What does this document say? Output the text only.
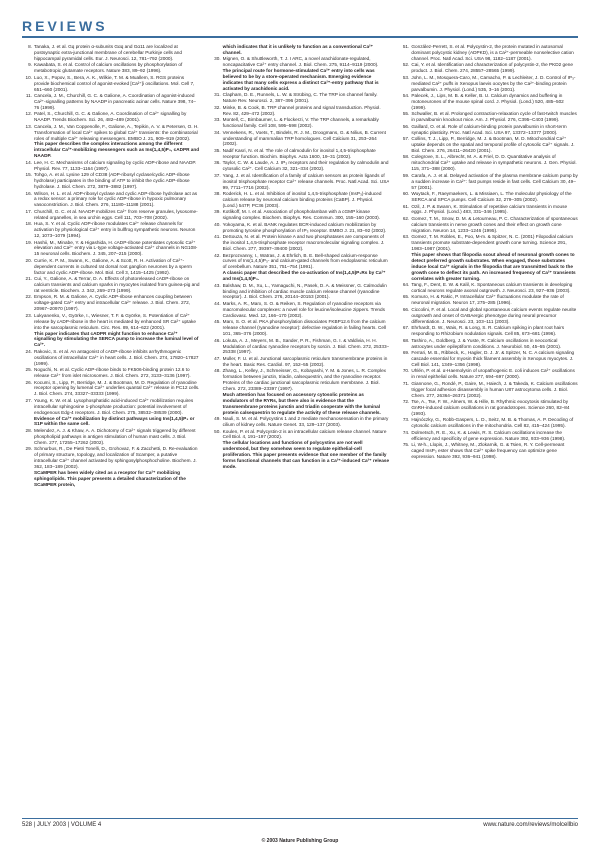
REVIEWS
8. Tanaka, J. et al. Gq protein α-subunits Gαq and Gα11 are localized at postsynaptic extra-junctional membrane of cerebellar Purkinje cells and hippocampal pyramidal cells. Eur. J. Neurosci. 12, 781–792 (2000).
9. Kawabata, S. et al. Control of calcium oscillations by phosphorylation of metabotropic glutamate receptors. Nature 383, 89–92 (1996).
10. Luo, X., Popov, S., Bera, A. K., Wilkie, T. M. & Muallem, S. RGS proteins provide biochemical control of agonist-evoked [Ca²⁺]i oscillations. Mol. Cell 7, 651–660 (2001).
11. Cancela, J. M., Churchill, G. C. & Galione, A. Coordination of agonist-induced Ca²⁺-signalling patterns by NAADP in pancreatic acinar cells. Nature 398, 74–76 (1999).
12. Patel, S., Churchill, G. C. & Galione, A. Coordination of Ca²⁺ signalling by NAADP. Trends Biochem. Sci. 26, 482–489 (2001).
13. Cancela, J. M., Van Coppenolle, F., Galione, A., Tepikin, A. V. & Petersen, O. H. Transformation of local Ca²⁺ spikes to global Ca²⁺ transients: the combinatorial roles of multiple Ca²⁺ releasing messengers. EMBO J. 21, 909–919 (2002).
This paper describes the complex interactions among the different intracellular Ca²⁺-mobilizing messengers such as Ins(1,4,5)P₃, cADPR and NAADP.
14. Lee, H. C. Mechanisms of calcium signaling by cyclic ADP-ribose and NAADP. Physiol. Rev. 77, 1133–1164 (1997).
15. Tohgo, A. et al. Lysine 129 of CD38 (ADP-ribosyl cyclase/cyclic ADP-ribose hydrolase) participates in the binding of ATP to inhibit the cyclic ADP-ribose hydrolase. J. Biol. Chem. 272, 3879–3882 (1997).
16. Wilson, H. L. et al. ADP-ribosyl cyclase and cyclic ADP-ribose hydrolase act as a redox sensor: a primary role for cyclic ADP-ribose in hypoxic pulmonary vasoconstriction. J. Biol. Chem. 276, 11180–11188 (2001).
17. Churchill, G. C. et al. NAADP mobilizes Ca²⁺ from reserve granules, lysosome-related organelles, in sea urchin eggs. Cell 111, 703–708 (2002).
18. Hua, S. Y. et al. Cyclic ADP-ribose modulates Ca²⁺ release channels for activation by physiological Ca²⁺ entry in bullfrog sympathetic neurons. Neuron 12, 1073–1079 (1994).
19. Hashii, M., Minabe, Y. & Higashida, H. cADP-ribose potentiates cytosolic Ca²⁺ elevation and Ca²⁺ entry via L-type voltage-activated Ca²⁺ channels in NG108-15 neuronal cells. Biochem. J. 345, 207–215 (2000).
20. Currie, K. P. M., Swann, K., Galione, A. & Scott, R. H. Activation of Ca²⁺-dependent currents in cultured rat dorsal root ganglion neurones by a sperm factor and cyclic ADP-ribose. Mol. Biol. Cell 3, 1415–1425 (1992).
21. Cui, Y., Galione, A. & Terrar, D. A. Effects of photoreleased cADP-ribose on calcium transients and calcium sparks in myocytes isolated from guinea-pig and rat ventricle. Biochem. J. 342, 269–273 (1999).
22. Empson, R. M. & Galione, A. Cyclic ADP-ribose enhances coupling between voltage-gated Ca²⁺ entry and intracellular Ca²⁺ release. J. Biol. Chem. 272, 20967–20970 (1997).
23. Lukyanenko, V., Györke, I., Wiesner, T. F. & Györke, S. Potentiation of Ca²⁺ release by cADP-ribose in the heart is mediated by enhanced SR Ca²⁺ uptake into the sarcoplasmic reticulum. Circ. Res. 89, 614–622 (2001).
This paper indicates that cADPR might function to enhance Ca²⁺ signalling by stimulating the SERCA pump to increase the luminal level of Ca²⁺.
24. Rakovic, S. et al. An antagonist of cADP-ribose inhibits arrhythmogenic oscillations of intracellular Ca²⁺ in heart cells. J. Biol. Chem. 274, 17820–17827 (1999).
25. Noguchi, N. et al. Cyclic ADP-ribose binds to FK506-binding protein 12.6 to release Ca²⁺ from islet microsomes. J. Biol. Chem. 272, 3133–3136 (1997).
26. Kocumi, S., Lipp, P., Berridge, M. J. & Bootman, M. D. Regulation of ryanodine receptor opening by lumenal Ca²⁺ underlies quantal Ca²⁺ release in PC12 cells. J. Biol. Chem. 274, 33327–33333 (1999).
27. Young, K. W. et al. Lysophosphatidic acid-induced Ca²⁺ mobilization requires intracellular sphingosine 1-phosphate production: potential involvement of endogenous Edg-4 receptors. J. Biol. Chem. 275, 38532–38539 (2000).
Evidence of Ca²⁺ mobilization by distinct pathways using Ins(1,4,5)P₃ or S1P within the same cell.
28. Melendez, A. J. & Khaw, A. A. Dichotomy of Ca²⁺ signals triggered by different phospholipid pathways in antigen stimulation of human mast cells. J. Biol. Chem. 277, 17255–17262 (2002).
29. Schnurbus, R., De Pietri Tonelli, D., Grohovaz, F. & Zacchetti, D. Re-evaluation of primary structure, topology, and localization of Scamper, a putative intracellular Ca²⁺ channel activated by sphingosylphosphocholine. Biochem. J. 362, 183–189 (2002).
SCaMPER has been widely cited as a receptor for Ca²⁺ mobilizing sphingolipids. This paper presents a detailed characterization of the SCaMPER protein,
which indicates that it is unlikely to function as a conventional Ca²⁺ channel.
30. Mignen, O. & Shuttleworth, T. J. I ARC, a novel arachidonate-regulated, noncapacitative Ca²⁺ entry channel. J. Biol. Chem. 275, 9114–9119 (2000).
The principal route for hormone-stimulated Ca²⁺ entry into cells was believed to be by a store-operated mechanism. Emerging evidence indicates that many cells express a distinct Ca²⁺-entry pathway that is activated by arachidonic acid.
31. Clapham, D. E., Runnels, L. W. & Strübing, C. The TRP ion channel family. Nature Rev. Neurosci. 2, 387–396 (2001).
32. Minke, B. & Cook, B. TRP channel proteins and signal transduction. Physiol. Rev. 82, 429–472 (2002).
33. Montell, C., Birnbaumer, L. & Flockerzi, V. The TRP channels, a remarkably functional family. Cell 108, 595–598 (2002).
34. Vennekens, R., Voets, T., Bindels, R. J. M., Droogmans, G. & Nilius, B. Current understanding of mammalian TRP homologues. Cell Calcium 31, 253–264 (2002).
35. Nadif Kasri, N. et al. The role of calmodulin for inositol 1,4,5-trisphosphate receptor function. Biochim. Biophys. Acta 1600, 19–31 (2002).
36. Taylor, C. W. & Laude, A. J. IP₃ receptors and their regulation by calmodulin and cytosolic Ca²⁺. Cell Calcium 32, 321–334 (2002).
37. Yang, J. et al. Identification of a family of calcium sensors as protein ligands of inositol trisphosphate receptor Ca²⁺ release channels. Proc. Natl Acad. Sci. USA 99, 7711–7716 (2002).
38. Roderick, H. L. et al. Inhibition of inositol 1,4,5-trisphosphate (InsP₃)-induced calcium release by neuronal calcium binding proteins (CaBP). J. Physiol. (Lond.) 547P, PC36 (2003).
39. Kotlikoff, M. I. et al. Association of phospholamban with a cGMP kinase signaling complex. Biochem. Biophys. Res. Commun. 300, 155–160 (2003).
40. Yokoyama, K. et al. BANK regulates BCR-induced calcium mobilization by promoting tyrosine phosphorylation of IP₃ receptor. EMBO J. 21, 83–92 (2002).
41. DeSouza, N. et al. Protein kinase A and two phosphatases are components of the inositol 1,4,5-trisphosphate receptor macromolecular signaling complex. J. Biol. Chem. 277, 39397–39400 (2002).
42. Bezprozvanny, I., Watras, J. & Ehrlich, B. E. Bell-shaped calcium-response curves of Ins(1,4,5)P₃- and calcium-gated channels from endoplasmic reticulum of cerebellum. Nature 351, 751–754 (1991).
A classic paper that described the co-activation of Ins(1,4,5)P₃Rs by Ca²⁺ and Ins(1,4,5)P₃.
43. Balshaw, D. M., Xu, L., Yamaguchi, N., Pasek, D. A. & Meissner, G. Calmodulin binding and inhibition of cardiac muscle calcium release channel (ryanodine receptor). J. Biol. Chem. 276, 20144–20153 (2001).
44. Marks, A. R., Marx, S. O. & Reiken, S. Regulation of ryanodine receptors via macromolecular complexes: a novel role for leucine/isoleucine zippers. Trends Cardiovasc. Med. 12, 166–170 (2002).
45. Marx, S. O. et al. PKA phosphorylation dissociates FKBP12.6 from the calcium release channel (ryanodine receptor): defective regulation in failing hearts. Cell 101, 365–376 (2000).
46. Lokuta, A. J., Meyers, M. B., Sander, P. R., Fishman, G. I. & Valdivia, H. H. Modulation of cardiac ryanodine receptors by sorcin. J. Biol. Chem. 272, 25333–25338 (1997).
47. Muller, F. U. et al. Junctional sarcoplasmic reticulum transmembrane proteins in the heart. Basic Res. Cardiol. 97, 152–55 (2002).
48. Zhang, L., Kelley, J., Schmeisser, G., Kobayashi, Y. M. & Jones, L. R. Complex formation between junctin, triadin, calsequestrin, and the ryanodine receptor. Proteins of the cardiac junctional sarcoplasmic reticulum membrane. J. Biol. Chem. 272, 23389–23397 (1997).
Much attention has focused on accessory cytosolic proteins as modulators of the RYRs, but there also is evidence that the transmembrane proteins junctin and triadin cooperate with the luminal protein calsequestrin to regulate the activity of these release channels.
49. Nauli, S. M. et al. Polycystins 1 and 2 mediate mechanosensation in the primary cilium of kidney cells. Nature Genet. 33, 129–137 (2003).
50. Koulen, P. et al. Polycystin-2 is an intracellular calcium release channel. Nature Cell Biol. 4, 191–197 (2002).
The cellular locations and functions of polycystins are not well understood, but they somehow seem to regulate epithelial-cell proliferation. This paper presents evidence that one member of the family forms functional channels that can function in a Ca²⁺-induced Ca²⁺ release mode.
51. González-Perrett, S. et al. Polycystin-2, the protein mutated in autosomal dominant polycystic kidney (ADPKD), is a Ca²⁺-permeable nonselective cation channel. Proc. Natl Acad. Sci. USA 98, 1182–1187 (2001).
52. Cai, Y. et al. Identification and characterization of polycystin-2, the PKD2 gene product. J. Biol. Chem. 274, 28557–28565 (1999).
53. John, L. M., Mosquera-Caro, M., Camacho, P. & Lechleiter, J. D. Control of IP₃-mediated Ca²⁺ puffs in Xenopus laevis oocytes by the Ca²⁺-binding protein parvalbumin. J. Physiol. (Lond.) 535, 3–16 (2001).
54. Palecek, J., Lips, M. B. & Keller, B. U. Calcium dynamics and buffering in motoneurones of the mouse spinal cord. J. Physiol. (Lond.) 520, 485–502 (1999).
55. Schwaller, B. et al. Prolonged contraction-relaxation cycle of fast-twitch muscles in parvalbumin knockout mice. Am. J. Physiol. 276, C395–C403 (1999).
56. Gaillard, O. et al. Role of calcium-binding protein parvalbumin in short-term synaptic plasticity. Proc. Natl Acad. Sci. USA 97, 13372–13377 (2000).
57. Collins, T. J., Lipp, P., Berridge, M. J. & Bootman, M. D. Mitochondrial Ca²⁺ uptake depends on the spatial and temporal profile of cytosolic Ca²⁺ signals. J. Biol. Chem. 276, 26411–26420 (2001).
58. Colegrove, S. L., Albrecht, M. A. & Friel, D. D. Quantitative analysis of mitochondrial Ca²⁺ uptake and release in sympathetic neurons. J. Gen. Physiol. 115, 371–388 (2000).
59. Carafa, A. J. et al. Delayed activation of the plasma membrane calcium pump by a sudden increase in Ca²⁺: fast pumps reside in fast cells. Cell Calcium 30, 49–57 (2001).
60. Wuytack, F., Raeymaekers, L. & Missiaen, L. The molecular physiology of the SERCA and SPCA pumps. Cell Calcium 32, 279–305 (2002).
61. Ozil, J. P. & Swann, K. Stimulation of repetitive calcium transients in mouse eggs. J. Physiol. (Lond.) 483, 331–346 (1995).
62. Gomez, T. M., Snow, D. M. & Letourneau, P. C. Characterization of spontaneous calcium transients in nerve growth cones and their effect on growth cone migration. Neuron 14, 1233–1246 (1995).
63. Gomez, T. M. Robles, E., Poo, M-m. & Spitzer, N. C. (2001) Filopodial calcium transients promote substrate-dependent growth cone turning. Science 291, 1983–1987 (2001).
This paper shows that filopodia scout ahead of neuronal growth cones to detect preferred growth substrates. When engaged, those substrates induce local Ca²⁺ signals in the filopodia that are transmitted back to the growth cone to deflect its path. An increased frequency of Ca²⁺ transients correlates with greater turning.
64. Tang, F., Dent, E. W. & Kalil, K. Spontaneous calcium transients in developing cortical neurons regulate axonal outgrowth. J. Neurosci. 23, 927–936 (2003).
65. Komuro, H. & Rakic, P. Intracellular Ca²⁺ fluctuations modulate the rate of neuronal migration. Neuron 17, 275–285 (1996).
66. Ciccolini, F. et al. Local and global spontaneous calcium events regulate neurite outgrowth and onset of GABAergic phenotype during neural precursor differentiation. J. Neurosci. 23, 103–111 (2003).
67. Ehrhardt, D. W., Wais, R. & Long, S. R. Calcium spiking in plant root hairs responding to Rhizobium nodulation signals. Cell 85, 673–681 (1996).
68. Tashiro, A., Goldberg, J. & Yuste, R. Calcium oscillations in neocortical astrocytes under epileptiform conditions. J. Neurobiol. 50, 45–55 (2001).
69. Ferrari, M. B., Ribbeck, K., Hagler, D. J. Jr. & Spitzer, N. C. A calcium signaling cascade essential for myosin thick filament assembly in Xenopus myocytes. J. Cell Biol. 141, 1349–1356 (1998).
70. Uhlén, P. et al. α-Haemolysin of uropathogenic E. coli induces Ca²⁺ oscillations in renal epithelial cells. Nature 277, 694–697 (2000).
71. Giannone, G., Rondé, P., Gaire, M., Haiech, J. & Takeda, K. Calcium oscillations trigger focal adhesion disassembly in human U87 astrocytoma cells. J. Biol. Chem. 277, 26364–26371 (2002).
72. Tse, A., Tse, F. W., Almers, W. & Hille, B. Rhythmic exocytosis stimulated by GnRH-induced calcium oscillations in rat gonadotropes. Science 260, 82–84 (1993).
73. Hajnóczky, G., Robb-Gaspers, L. D., Seitz, M. B. & Thomas, A. P. Decoding of cytosolic calcium oscillations in the mitochondria. Cell 82, 415–424 (1995).
74. Dolmetsch, R. E., Xu, K. & Lewis, R. S. Calcium oscillations increase the efficiency and specificity of gene expression. Nature 392, 933–936 (1998).
75. Li, W-h., Llopis, J., Whitney, M., Zlokarnik, G. & Tsien, R. Y. Cell-permeant caged InsP₃ ester shows that Ca²⁺ spike frequency can optimize gene expression. Nature 392, 936–941 (1998).
528 | JULY 2003 | VOLUME 4	www.nature.com/reviews/molcellbio
© 2003 Nature Publishing Group
